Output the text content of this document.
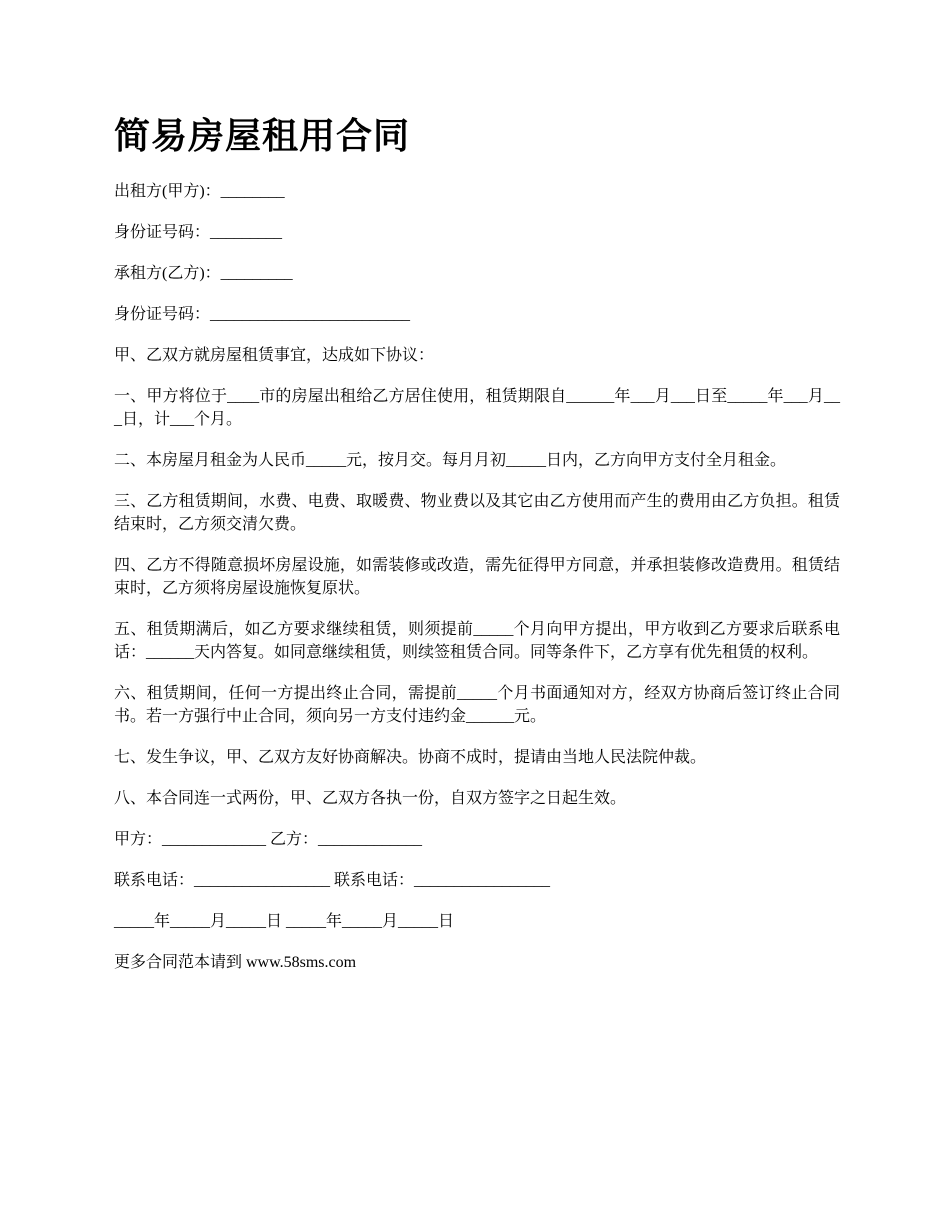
简易房屋租用合同

出租方(甲方)：________

身份证号码：_________

承租方(乙方)：_________

身份证号码：_________________________

甲、乙双方就房屋租赁事宜，达成如下协议：

一、甲方将位于____市的房屋出租给乙方居住使用，租赁期限自______年___月___日至_____年___月___日，计___个月。

二、本房屋月租金为人民币_____元，按月交。每月月初_____日内，乙方向甲方支付全月租金。

三、乙方租赁期间，水费、电费、取暖费、物业费以及其它由乙方使用而产生的费用由乙方负担。租赁结束时，乙方须交清欠费。

四、乙方不得随意损坏房屋设施，如需装修或改造，需先征得甲方同意，并承担装修改造费用。租赁结束时，乙方须将房屋设施恢复原状。

五、租赁期满后，如乙方要求继续租赁，则须提前_____个月向甲方提出，甲方收到乙方要求后联系电话：______天内答复。如同意继续租赁，则续签租赁合同。同等条件下，乙方享有优先租赁的权利。

六、租赁期间，任何一方提出终止合同，需提前_____个月书面通知对方，经双方协商后签订终止合同书。若一方强行中止合同，须向另一方支付违约金______元。

七、发生争议，甲、乙双方友好协商解决。协商不成时，提请由当地人民法院仲裁。

八、本合同连一式两份，甲、乙双方各执一份，自双方签字之日起生效。

甲方：_____________ 乙方：_____________

联系电话：_________________ 联系电话：_________________

_____年_____月_____日 _____年_____月_____日

更多合同范本请到 www.58sms.com
